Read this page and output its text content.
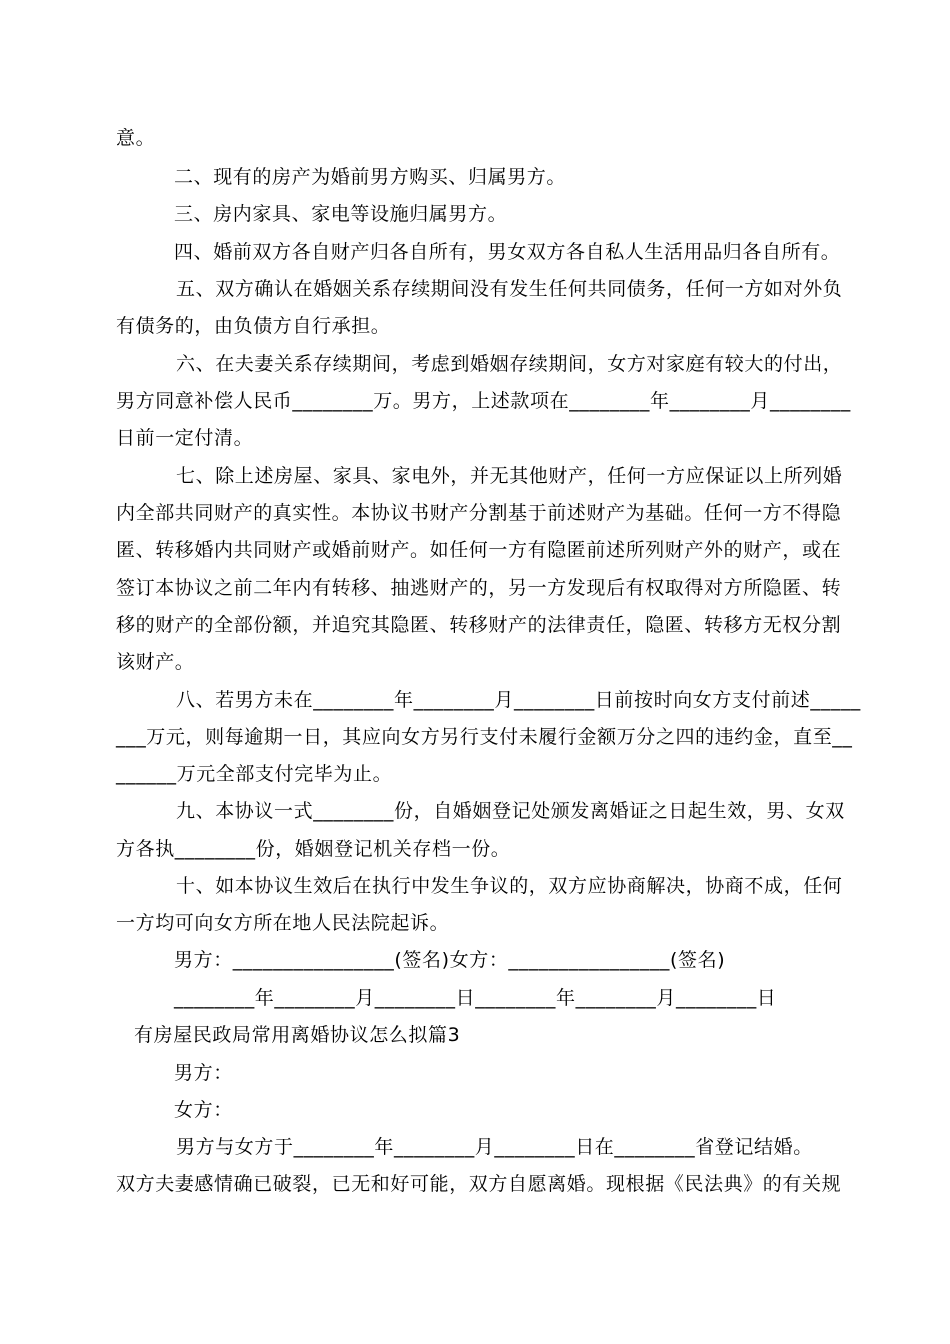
意。
二、现有的房产为婚前男方购买、归属男方。
三、房内家具、家电等设施归属男方。
四、婚前双方各自财产归各自所有，男女双方各自私人生活用品归各自所有。
五、双方确认在婚姻关系存续期间没有发生任何共同债务，任何一方如对外负
有债务的，由负债方自行承担。
六、在夫妻关系存续期间，考虑到婚姻存续期间，女方对家庭有较大的付出，
男方同意补偿人民币________万。男方，上述款项在________年________月________
日前一定付清。
七、除上述房屋、家具、家电外，并无其他财产，任何一方应保证以上所列婚
内全部共同财产的真实性。本协议书财产分割基于前述财产为基础。任何一方不得隐
匿、转移婚内共同财产或婚前财产。如任何一方有隐匿前述所列财产外的财产，或在
签订本协议之前二年内有转移、抽逃财产的，另一方发现后有权取得对方所隐匿、转
移的财产的全部份额，并追究其隐匿、转移财产的法律责任，隐匿、转移方无权分割
该财产。
八、若男方未在________年________月________日前按时向女方支付前述_____
___万元，则每逾期一日，其应向女方另行支付未履行金额万分之四的违约金，直至__
______万元全部支付完毕为止。
九、本协议一式________份，自婚姻登记处颁发离婚证之日起生效，男、女双
方各执________份，婚姻登记机关存档一份。
十、如本协议生效后在执行中发生争议的，双方应协商解决，协商不成，任何
一方均可向女方所在地人民法院起诉。
男方：________________(签名)女方：________________(签名)
________年________月________日________年________月________日
有房屋民政局常用离婚协议怎么拟篇3
男方：
女方：
男方与女方于________年________月________日在________省登记结婚。
双方夫妻感情确已破裂，已无和好可能，双方自愿离婚。现根据《民法典》的有关规
